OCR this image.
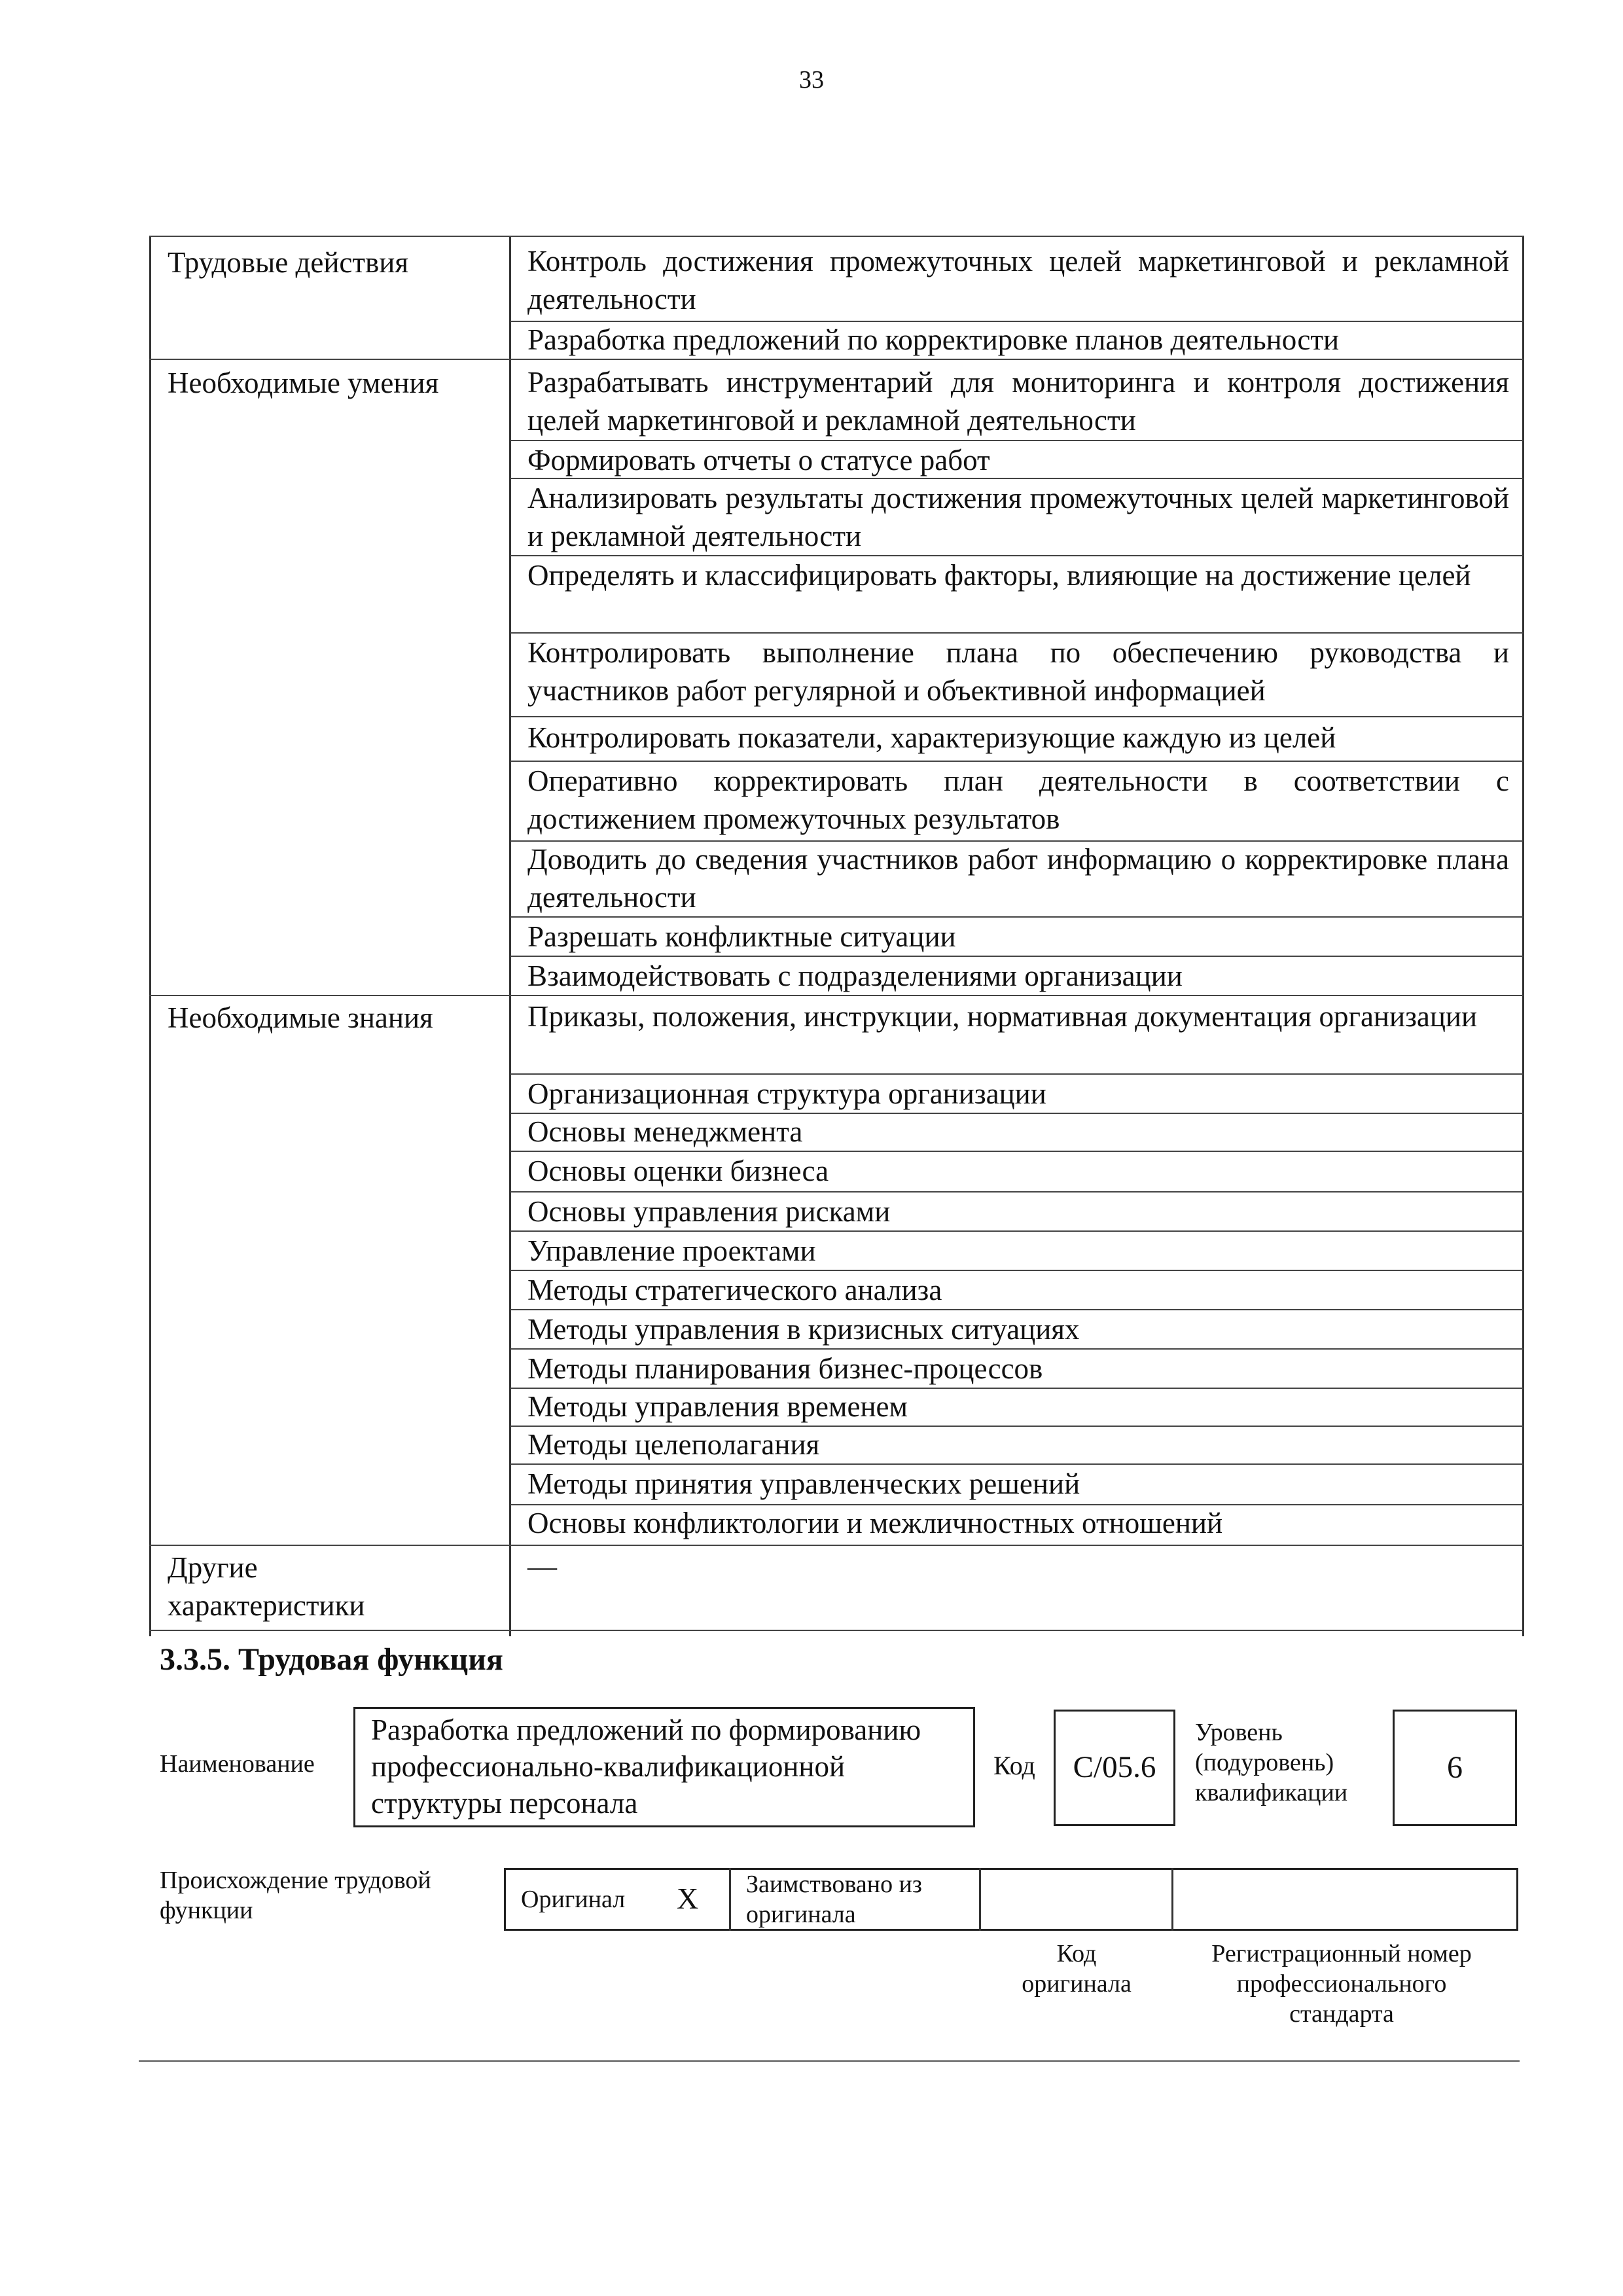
33
Трудовые действия
Необходимые умения
Необходимые знания
Другие
характеристики
Контроль достижения промежуточных целей маркетинговой и рекламной деятельности
Разработка предложений по корректировке планов деятельности
Разрабатывать инструментарий для мониторинга и контроля достижения целей маркетинговой и рекламной деятельности
Формировать отчеты о статусе работ
Анализировать результаты достижения промежуточных целей маркетинговой и рекламной деятельности
Определять и классифицировать факторы, влияющие на достижение целей
Контролировать выполнение плана по обеспечению руководства и участников работ регулярной и объективной информацией
Контролировать показатели, характеризующие каждую из целей
Оперативно корректировать план деятельности в соответствии с достижением промежуточных результатов
Доводить до сведения участников работ информацию о корректировке плана деятельности
Разрешать конфликтные ситуации
Взаимодействовать с подразделениями организации
Приказы, положения, инструкции, нормативная документация организации
Организационная структура организации
Основы менеджмента
Основы оценки бизнеса
Основы управления рисками
Управление проектами
Методы стратегического анализа
Методы управления в кризисных ситуациях
Методы планирования бизнес-процессов
Методы управления временем
Методы целеполагания
Методы принятия управленческих решений
Основы конфликтологии и межличностных отношений
—
3.3.5. Трудовая функция
Наименование
Разработка предложений по формированию профессионально-квалификационной структуры персонала
Код	C/05.6
Уровень (подуровень) квалификации
6
Происхождение трудовой функции	Оригинал X Заимствовано из оригинала
Код оригинала
Регистрационный номер профессионального стандарта
